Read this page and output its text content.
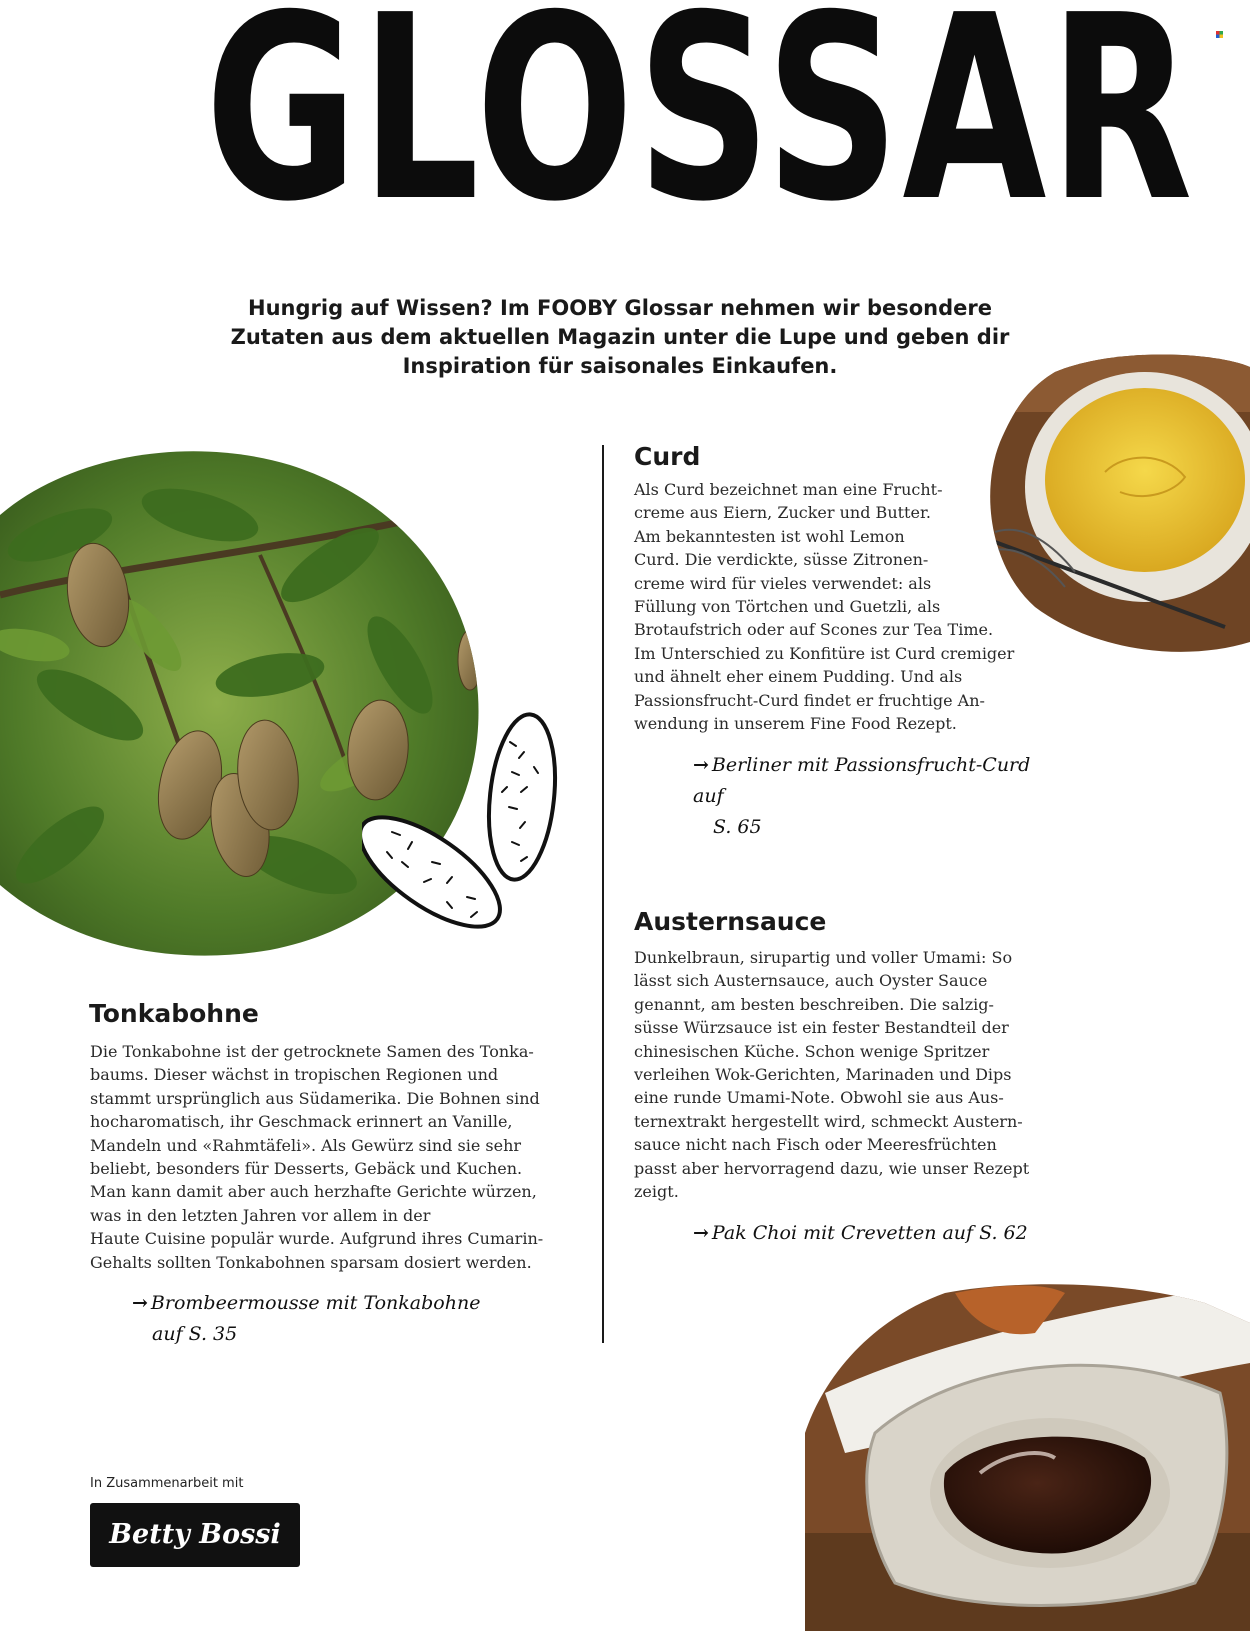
GLOSSAR
Hungrig auf Wissen? Im FOOBY Glossar nehmen wir besondere Zutaten aus dem aktuellen Magazin unter die Lupe und geben dir Inspiration für saisonales Einkaufen.
Curd
Als Curd bezeichnet man eine Frucht-
creme aus Eiern, Zucker und Butter.
Am bekanntesten ist wohl Lemon
Curd. Die verdickte, süsse Zitronen-
creme wird für vieles verwendet: als
Füllung von Törtchen und Guetzli, als
Brotaufstrich oder auf Scones zur Tea Time.
Im Unterschied zu Konfitüre ist Curd cremiger
und ähnelt eher einem Pudding. Und als
Passionsfrucht-Curd findet er fruchtige An-
wendung in unserem Fine Food Rezept.
→ Berliner mit Passionsfrucht-Curd auf
S. 65
Austernsauce
Dunkelbraun, sirupartig und voller Umami: So
lässt sich Austernsauce, auch Oyster Sauce
genannt, am besten beschreiben. Die salzig-
süsse Würzsauce ist ein fester Bestandteil der
chinesischen Küche. Schon wenige Spritzer
verleihen Wok-Gerichten, Marinaden und Dips
eine runde Umami-Note. Obwohl sie aus Aus-
ternextrakt hergestellt wird, schmeckt Austern-
sauce nicht nach Fisch oder Meeresfrüchten
passt aber hervorragend dazu, wie unser Rezept
zeigt.
→ Pak Choi mit Crevetten auf S. 62
Tonkabohne
Die Tonkabohne ist der getrocknete Samen des Tonka-
baums. Dieser wächst in tropischen Regionen und
stammt ursprünglich aus Südamerika. Die Bohnen sind
hocharomatisch, ihr Geschmack erinnert an Vanille,
Mandeln und «Rahmtäfeli». Als Gewürz sind sie sehr
beliebt, besonders für Desserts, Gebäck und Kuchen.
Man kann damit aber auch herzhafte Gerichte würzen,
was in den letzten Jahren vor allem in der
Haute Cuisine populär wurde. Aufgrund ihres Cumarin-
Gehalts sollten Tonkabohnen sparsam dosiert werden.
→ Brombeermousse mit Tonkabohne
auf S. 35
In Zusammenarbeit mit
Betty Bossi
